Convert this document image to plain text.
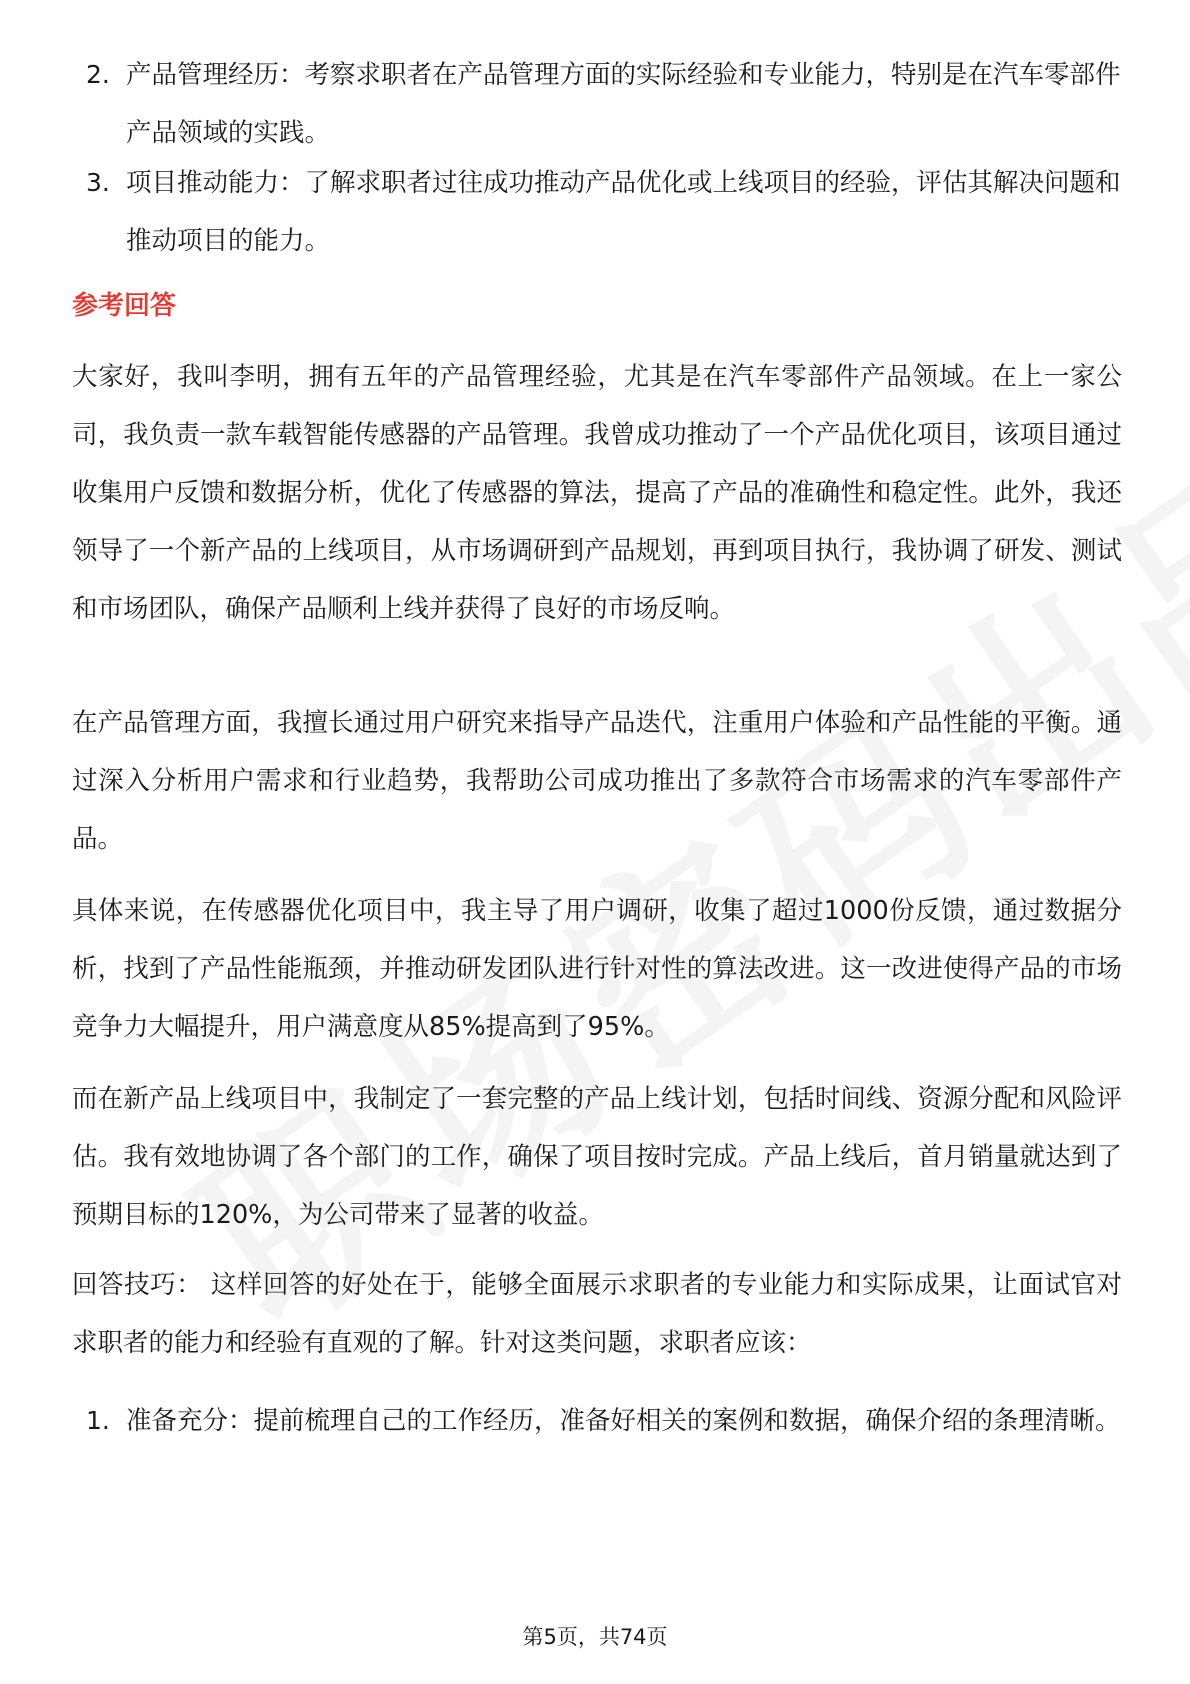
2. 产品管理经历：考察求职者在产品管理方面的实际经验和专业能力，特别是在汽车零部件产品领域的实践。
3. 项目推动能力：了解求职者过往成功推动产品优化或上线项目的经验，评估其解决问题和推动项目的能力。
参考回答

大家好，我叫李明，拥有五年的产品管理经验，尤其是在汽车零部件产品领域。在上一家公司，我负责一款车载智能传感器的产品管理。我曾成功推动了一个产品优化项目，该项目通过收集用户反馈和数据分析，优化了传感器的算法，提高了产品的准确性和稳定性。此外，我还领导了一个新产品的上线项目，从市场调研到产品规划，再到项目执行，我协调了研发、测试和市场团队，确保产品顺利上线并获得了良好的市场反响。

在产品管理方面，我擅长通过用户研究来指导产品迭代，注重用户体验和产品性能的平衡。通过深入分析用户需求和行业趋势，我帮助公司成功推出了多款符合市场需求的汽车零部件产品。

具体来说，在传感器优化项目中，我主导了用户调研，收集了超过1000份反馈，通过数据分析，找到了产品性能瓶颈，并推动研发团队进行针对性的算法改进。这一改进使得产品的市场竞争力大幅提升，用户满意度从85%提高到了95%。

而在新产品上线项目中，我制定了一套完整的产品上线计划，包括时间线、资源分配和风险评估。我有效地协调了各个部门的工作，确保了项目按时完成。产品上线后，首月销量就达到了预期目标的120%，为公司带来了显著的收益。

回答技巧： 这样回答的好处在于，能够全面展示求职者的专业能力和实际成果，让面试官对求职者的能力和经验有直观的了解。针对这类问题，求职者应该：

1. 准备充分：提前梳理自己的工作经历，准备好相关的案例和数据，确保介绍的条理清晰。
第5页，共74页
